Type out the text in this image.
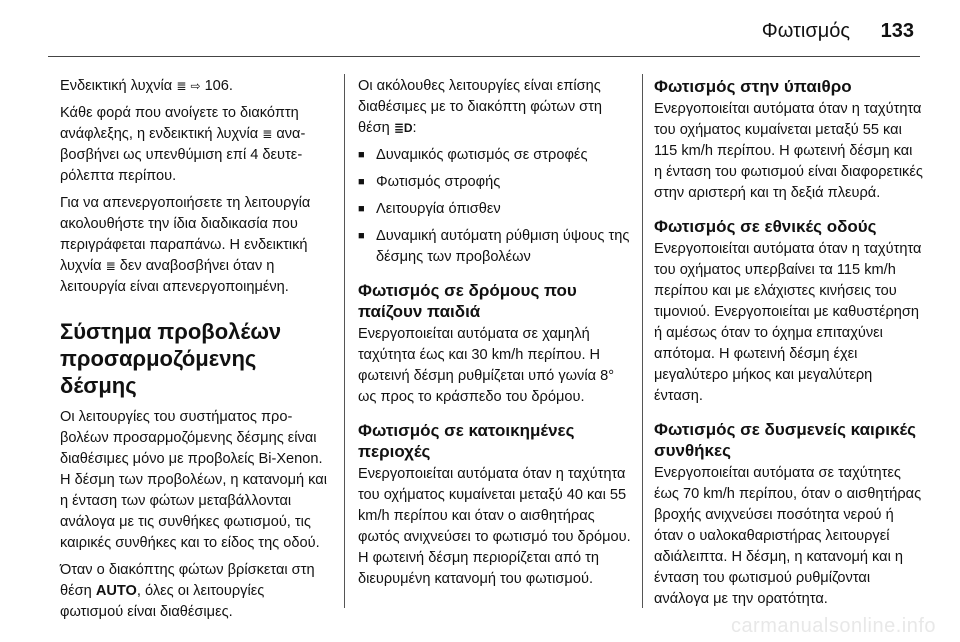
Φωτισμός 133

Ενδεικτική λυχνία ≣ ⇨ 106.

Κάθε φορά που ανοίγετε το διακόπτη ανάφλεξης, η ενδεικτική λυχνία ≣ αναβοσβήνει ως υπενθύμιση επί 4 δευτερόλεπτα περίπου.

Για να απενεργοποιήσετε τη λειτουργία ακολουθήστε την ίδια διαδικασία που περιγράφεται παραπάνω. Η ενδεικτική λυχνία ≣ δεν αναβοσβήνει όταν η λειτουργία είναι απενεργοποιημένη.

Σύστημα προβολέων προσαρμοζόμενης δέσμης

Οι λειτουργίες του συστήματος προβολέων προσαρμοζόμενης δέσμης είναι διαθέσιμες μόνο με προβολείς Bi-Xenon. Η δέσμη των προβολέων, η κατανομή και η ένταση των φώτων μεταβάλλονται ανάλογα με τις συνθήκες φωτισμού, τις καιρικές συνθήκες και το είδος της οδού.

Όταν ο διακόπτης φώτων βρίσκεται στη θέση AUTO, όλες οι λειτουργίες φωτισμού είναι διαθέσιμες.

Οι ακόλουθες λειτουργίες είναι επίσης διαθέσιμες με το διακόπτη φώτων στη θέση ≣D:

■ Δυναμικός φωτισμός σε στροφές
■ Φωτισμός στροφής
■ Λειτουργία όπισθεν
■ Δυναμική αυτόματη ρύθμιση ύψους της δέσμης των προβολέων
Φωτισμός σε δρόμους που παίζουν παιδιά

Ενεργοποιείται αυτόματα σε χαμηλή ταχύτητα έως και 30 km/h περίπου. Η φωτεινή δέσμη ρυθμίζεται υπό γωνία 8° ως προς το κράσπεδο του δρόμου.

Φωτισμός σε κατοικημένες περιοχές

Ενεργοποιείται αυτόματα όταν η ταχύτητα του οχήματος κυμαίνεται μεταξύ 40 και 55 km/h περίπου και όταν ο αισθητήρας φωτός ανιχνεύσει το φωτισμό του δρόμου. Η φωτεινή δέσμη περιορίζεται από τη διευρυμένη κατανομή του φωτισμού.

Φωτισμός στην ύπαιθρο

Ενεργοποιείται αυτόματα όταν η ταχύτητα του οχήματος κυμαίνεται μεταξύ 55 και 115 km/h περίπου. Η φωτεινή δέσμη και η ένταση του φωτισμού είναι διαφορετικές στην αριστερή και τη δεξιά πλευρά.

Φωτισμός σε εθνικές οδούς

Ενεργοποιείται αυτόματα όταν η ταχύτητα του οχήματος υπερβαίνει τα 115 km/h περίπου και με ελάχιστες κινήσεις του τιμονιού. Ενεργοποιείται με καθυστέρηση ή αμέσως όταν το όχημα επιταχύνει απότομα. Η φωτεινή δέσμη έχει μεγαλύτερο μήκος και μεγαλύτερη ένταση.

Φωτισμός σε δυσμενείς καιρικές συνθήκες

Ενεργοποιείται αυτόματα σε ταχύτητες έως 70 km/h περίπου, όταν ο αισθητήρας βροχής ανιχνεύσει ποσότητα νερού ή όταν ο υαλοκαθαριστήρας λειτουργεί αδιάλειπτα. Η δέσμη, η κατανομή και η ένταση του φωτισμού ρυθμίζονται ανάλογα με την ορατότητα.

carmanualsonline.info
